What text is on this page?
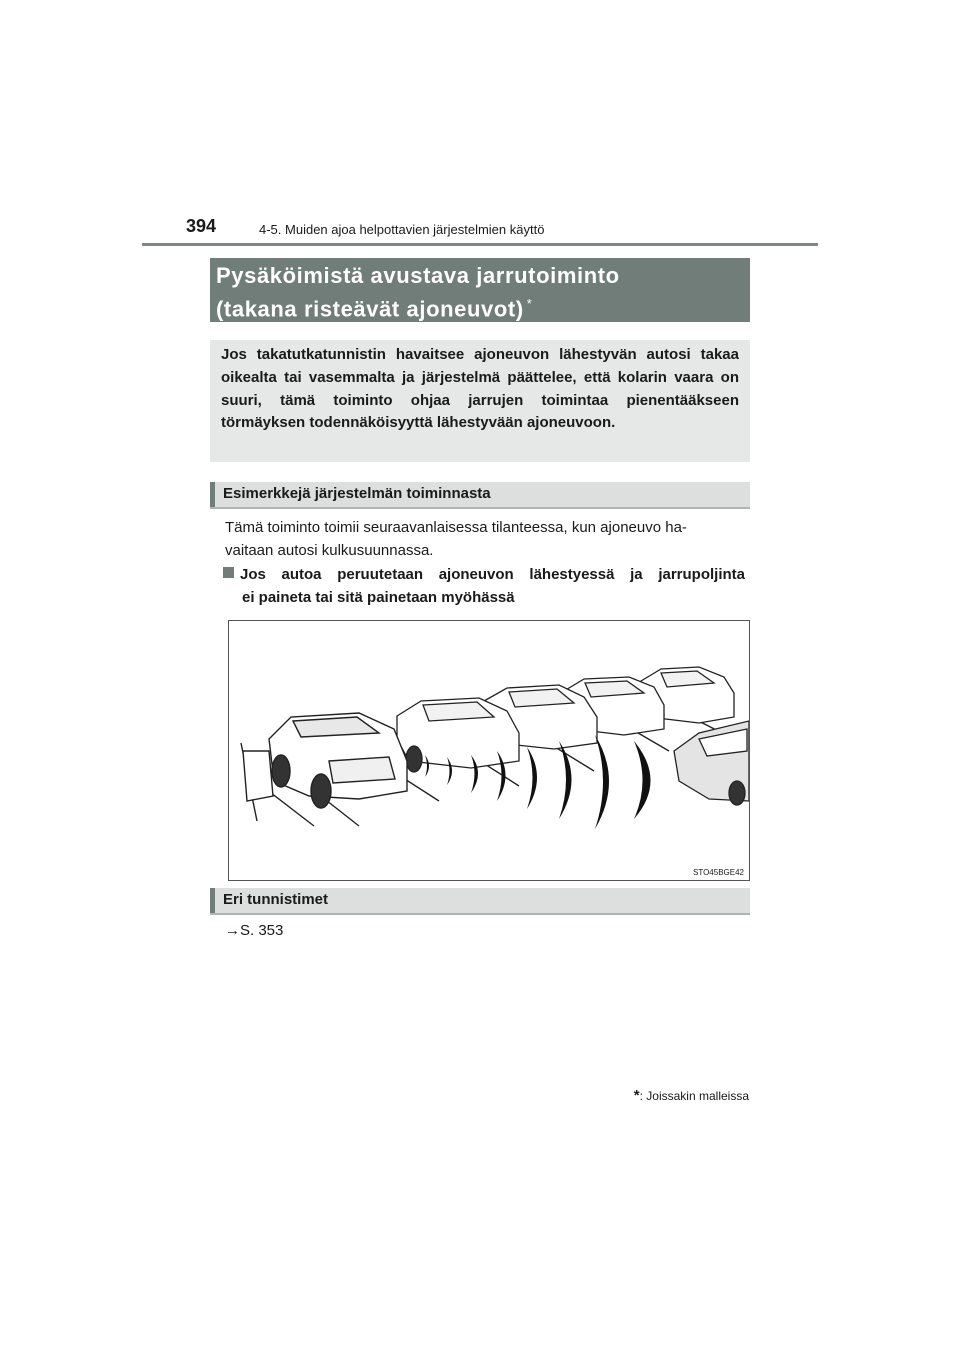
394	4-5. Muiden ajoa helpottavien järjestelmien käyttö
Pysäköimistä avustava jarrutoiminto
(takana risteävät ajoneuvot) *

Jos takatutkatunnistin havaitsee ajoneuvon lähestyvän autosi takaa oikealta tai vasemmalta ja järjestelmä päättelee, että kolarin vaara on suuri, tämä toiminto ohjaa jarrujen toimintaa pienentääkseen törmäyksen todennäköisyyttä lähestyvään ajoneuvoon.

Esimerkkejä järjestelmän toiminnasta
Tämä toiminto toimii seuraavanlaisessa tilanteessa, kun ajoneuvo ha-
vaitaan autosi kulkusuunnassa.
Jos autoa peruutetaan ajoneuvon lähestyessä ja jarrupoljinta
ei paineta tai sitä painetaan myöhässä
STO45BGE42
Eri tunnistimet
→S. 353
*: Joissakin malleissa
